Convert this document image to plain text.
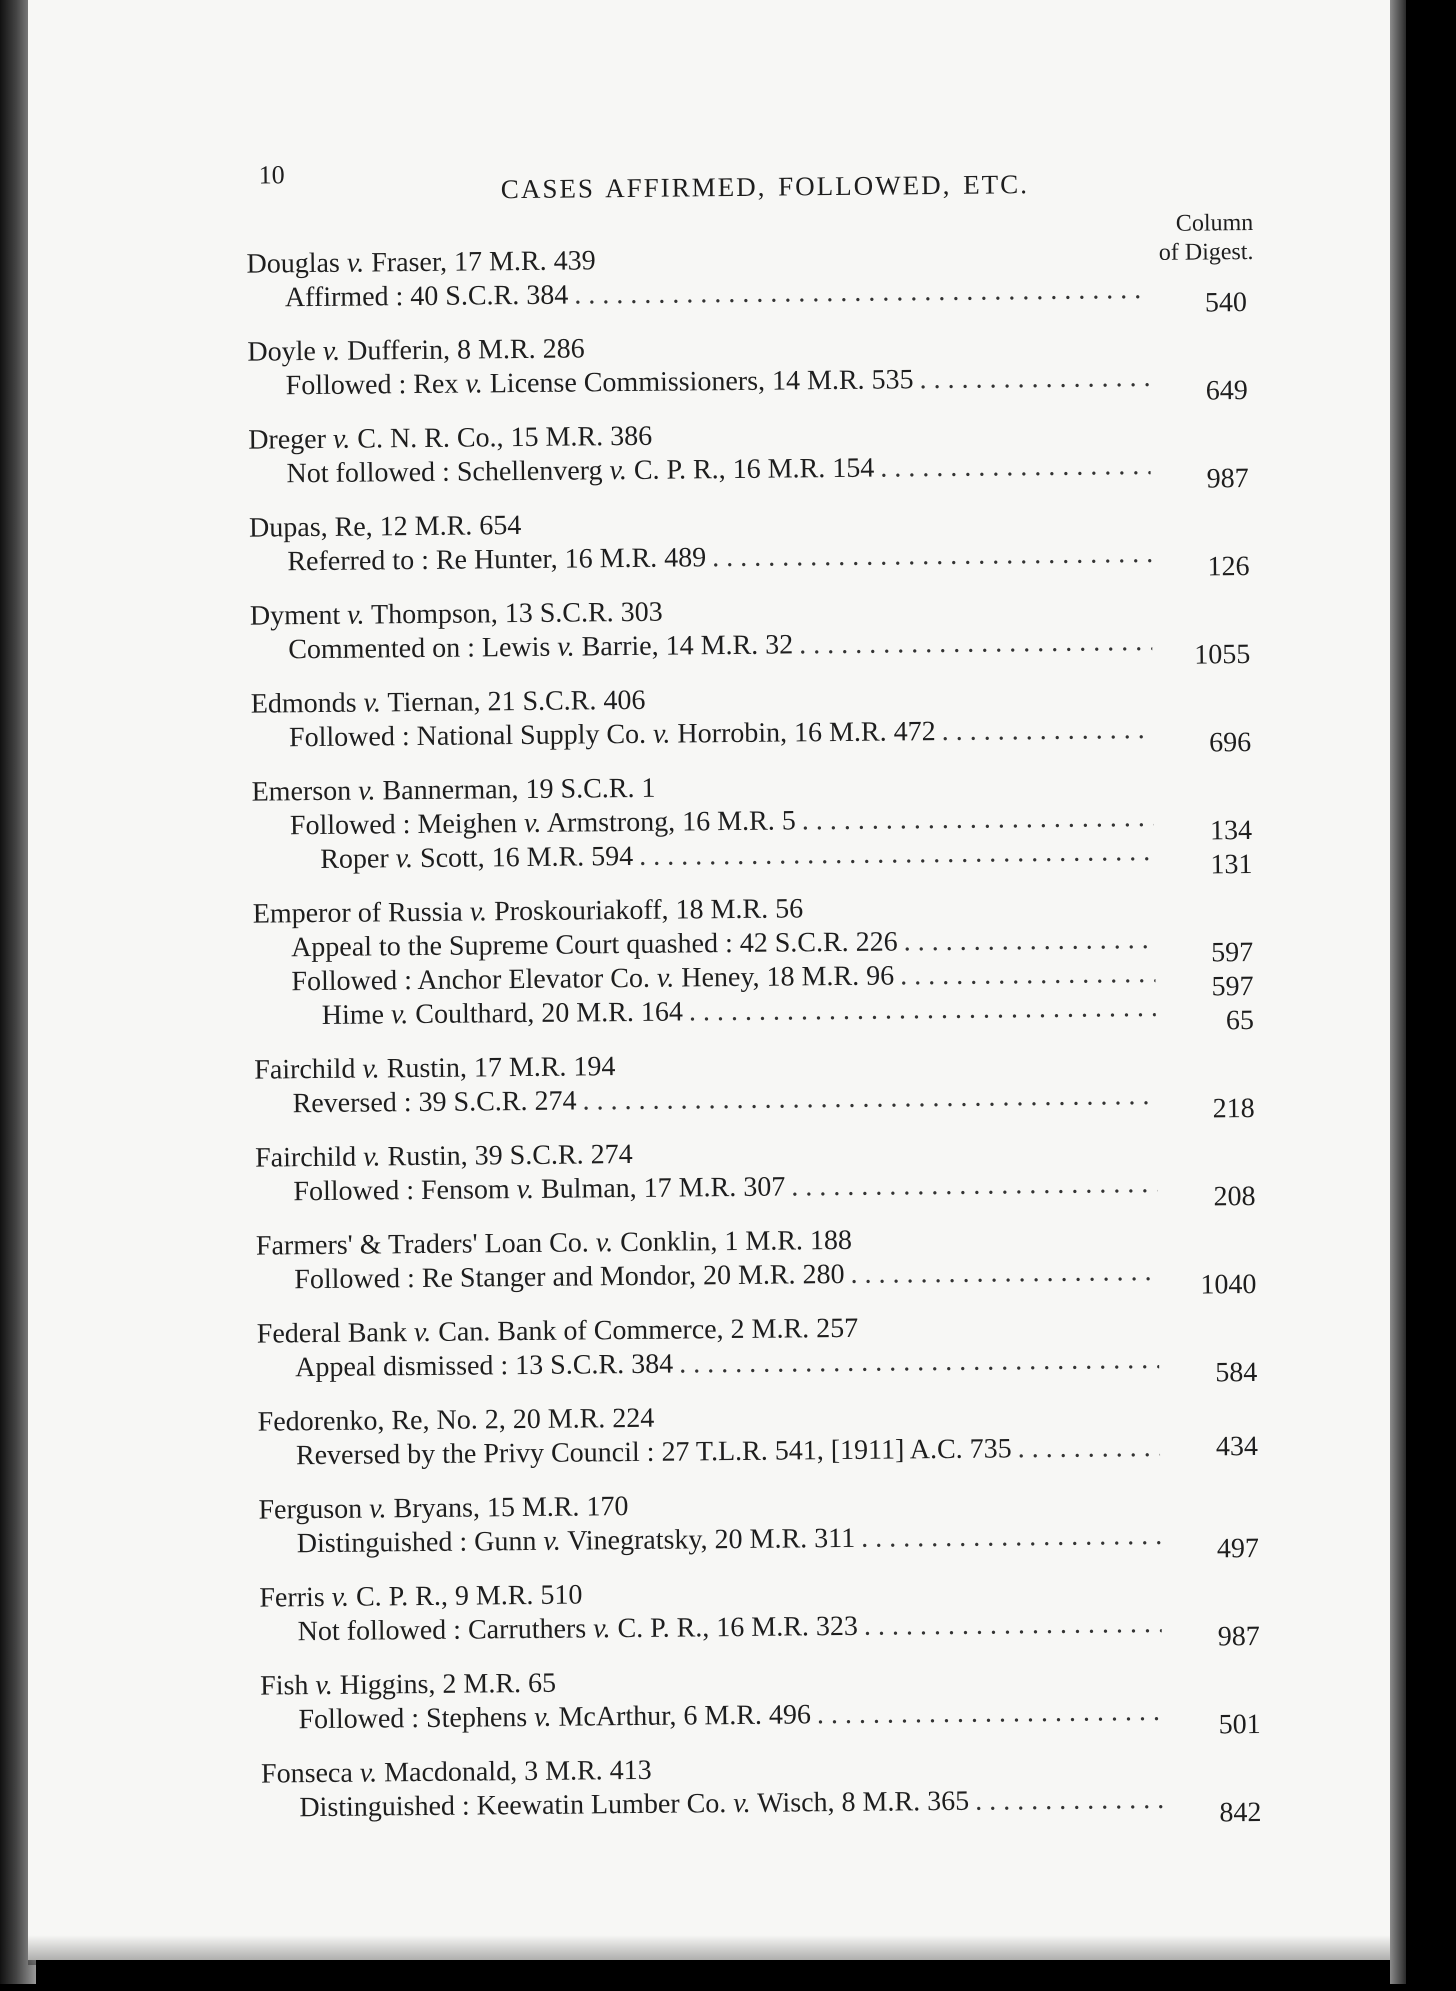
10	CASES AFFIRMED, FOLLOWED, ETC.
Column
of Digest.
Douglas v. Fraser, 17 M.R. 439
Affirmed : 40 S.C.R. 384 . . .	540
Doyle v. Dufferin, 8 M.R. 286
Followed : Rex v. License Commissioners, 14 M.R. 535 . . .	649
Dreger v. C. N. R. Co., 15 M.R. 386
Not followed : Schellenverg v. C. P. R., 16 M.R. 154 . . .	987
Dupas, Re, 12 M.R. 654
Referred to : Re Hunter, 16 M.R. 489 . . .	126
Dyment v. Thompson, 13 S.C.R. 303
Commented on : Lewis v. Barrie, 14 M.R. 32 . . .	1055
Edmonds v. Tiernan, 21 S.C.R. 406
Followed : National Supply Co. v. Horrobin, 16 M.R. 472 . . .	696
Emerson v. Bannerman, 19 S.C.R. 1
Followed : Meighen v. Armstrong, 16 M.R. 5 . . .	134
Roper v. Scott, 16 M.R. 594 . . .	131
Emperor of Russia v. Proskouriakoff, 18 M.R. 56
Appeal to the Supreme Court quashed : 42 S.C.R. 226 . . .	597
Followed : Anchor Elevator Co. v. Heney, 18 M.R. 96 . . .	597
Hime v. Coulthard, 20 M.R. 164 . . .	65
Fairchild v. Rustin, 17 M.R. 194
Reversed : 39 S.C.R. 274 . . .	218
Fairchild v. Rustin, 39 S.C.R. 274
Followed : Fensom v. Bulman, 17 M.R. 307 . . .	208
Farmers' & Traders' Loan Co. v. Conklin, 1 M.R. 188
Followed : Re Stanger and Mondor, 20 M.R. 280 . . .	1040
Federal Bank v. Can. Bank of Commerce, 2 M.R. 257
Appeal dismissed : 13 S.C.R. 384 . . .	584
Fedorenko, Re, No. 2, 20 M.R. 224
Reversed by the Privy Council : 27 T.L.R. 541, [1911] A.C. 735 . . .	434
Ferguson v. Bryans, 15 M.R. 170
Distinguished : Gunn v. Vinegratsky, 20 M.R. 311 . . .	497
Ferris v. C. P. R., 9 M.R. 510
Not followed : Carruthers v. C. P. R., 16 M.R. 323 . . .	987
Fish v. Higgins, 2 M.R. 65
Followed : Stephens v. McArthur, 6 M.R. 496 . . .	501
Fonseca v. Macdonald, 3 M.R. 413
Distinguished : Keewatin Lumber Co. v. Wisch, 8 M.R. 365 . . .	842
